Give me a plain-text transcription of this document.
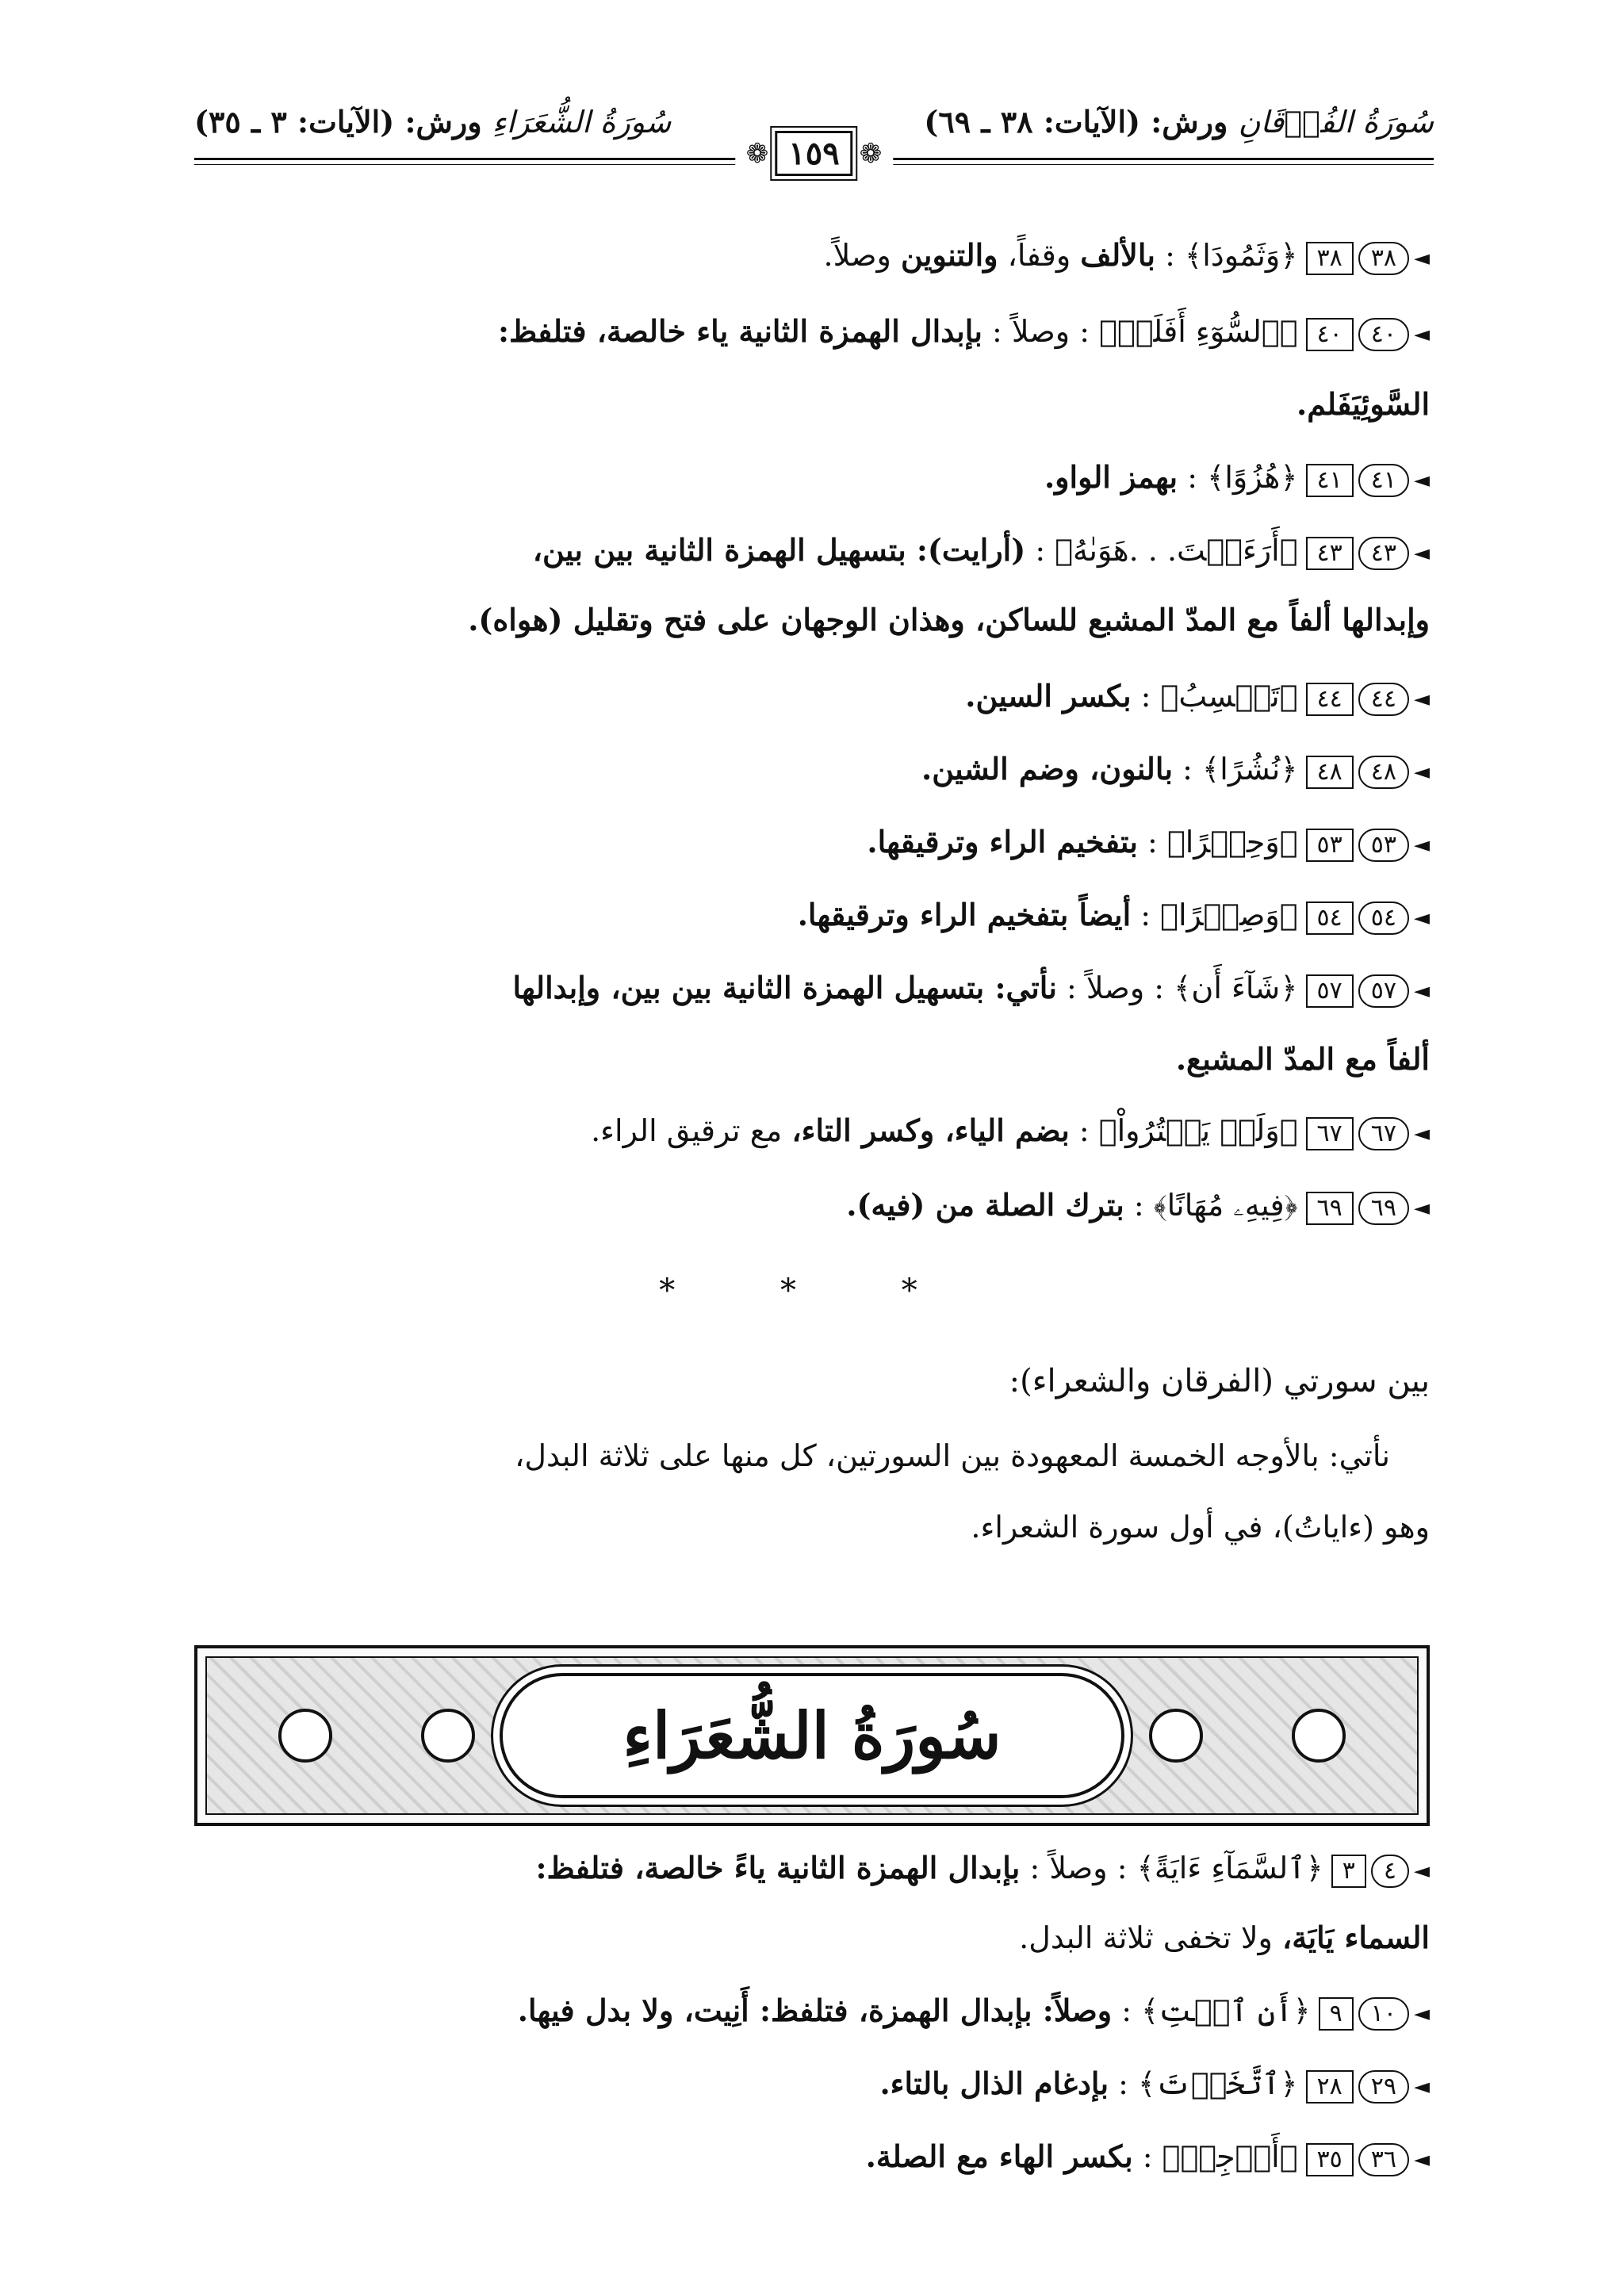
سُورَةُ الفُرۡقَانِ ورش: (الآيات: ٣٨ ـ ٦٩)
سُورَةُ الشُّعَرَاءِ ورش: (الآيات: ٣ ـ ٣٥)
❁ ١٥٩ ❁
◄
٣٨
٣٨
﴿وَثَمُودَا﴾ : بالألف وقفاً، والتنوين وصلاً.
◄
٤٠
٤٠
﴿ٱلسُّوٓءِ أَفَلَمۡ﴾ : وصلاً : بإبدال الهمزة الثانية ياء خالصة، فتلفظ:
السَّوئِيَفَلم.
◄
٤١
٤١
﴿هُزُوًا﴾ : بهمز الواو.
◄
٤٣
٤٣
﴿أَرَءَيۡتَ. . .هَوَىٰهُ﴾ : (أرايت): بتسهيل الهمزة الثانية بين بين،
وإبدالها ألفاً مع المدّ المشبع للساكن، وهذان الوجهان على فتح وتقليل (هواه).
◄
٤٤
٤٤
﴿تَحۡسِبُ﴾ : بكسر السين.
◄
٤٨
٤٨
﴿نُشُرًا﴾ : بالنون، وضم الشين.
◄
٥٣
٥٣
﴿وَحِجۡرًا﴾ : بتفخيم الراء وترقيقها.
◄
٥٤
٥٤
﴿وَصِهۡرًا﴾ : أيضاً بتفخيم الراء وترقيقها.
◄
٥٧
٥٧
﴿شَآءَ أَن﴾ : وصلاً : نأتي: بتسهيل الهمزة الثانية بين بين، وإبدالها
ألفاً مع المدّ المشبع.
◄
٦٧
٦٧
﴿وَلَمۡ يَقۡتُرُواْ﴾ : بضم الياء، وكسر التاء، مع ترقيق الراء.
◄
٦٩
٦٩
﴿فِيهِۦ مُهَانًا﴾ : بترك الصلة من (فيه).
* * *
بين سورتي (الفرقان والشعراء):
نأتي: بالأوجه الخمسة المعهودة بين السورتين، كل منها على ثلاثة البدل،
وهو (ءاياتُ)، في أول سورة الشعراء.
سُورَةُ الشُّعَرَاءِ
◄
٤
٣
﴿ٱلسَّمَآءِ ءَايَةً﴾ : وصلاً : بإبدال الهمزة الثانية ياءً خالصة، فتلفظ:
السماء يَايَة، ولا تخفى ثلاثة البدل.
◄
١٠
٩
﴿أَنِ ٱئۡتِ﴾ : وصلاً: بإبدال الهمزة، فتلفظ: أَنِيت، ولا بدل فيها.
◄
٢٩
٢٨
﴿ٱتَّخَذۡتَ﴾ : بإدغام الذال بالتاء.
◄
٣٦
٣٥
﴿أَرۡجِهۡ﴾ : بكسر الهاء مع الصلة.
